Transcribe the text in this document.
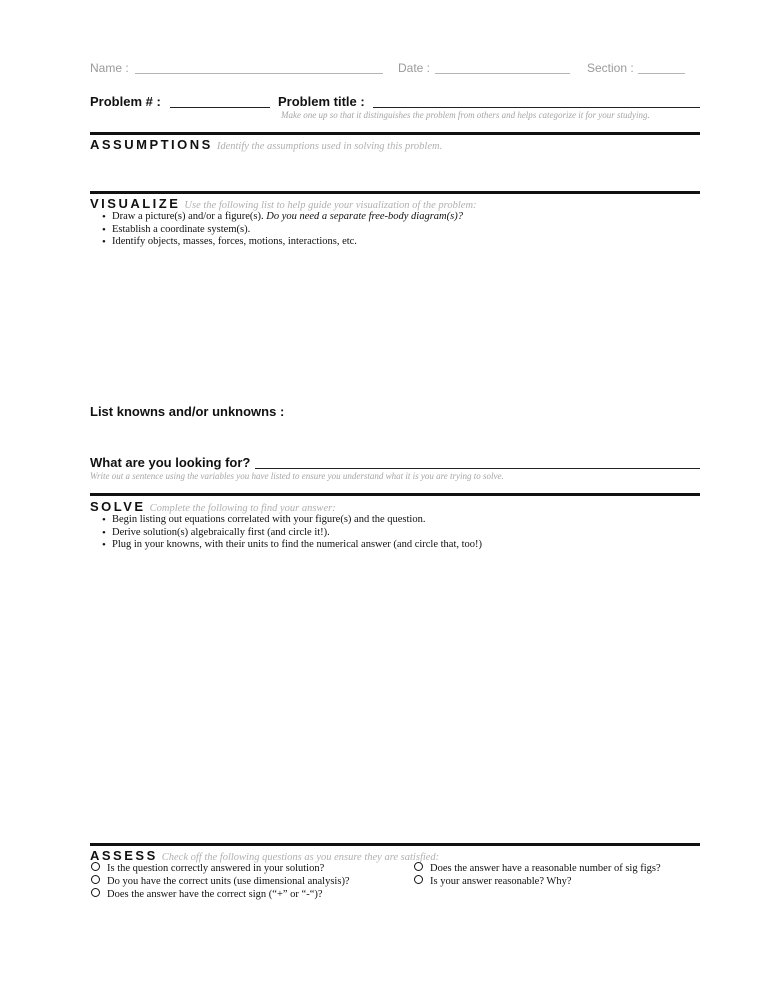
Name :	Date :	Section :
Problem # :	Problem title :
Make one up so that it distinguishes the problem from others and helps categorize it for your studying.
ASSUMPTIONS Identify the assumptions used in solving this problem.
VISUALIZE Use the following list to help guide your visualization of the problem:
• Draw a picture(s) and/or a figure(s). Do you need a separate free-body diagram(s)?
• Establish a coordinate system(s).
• Identify objects, masses, forces, motions, interactions, etc.
List knowns and/or unknowns :
What are you looking for?
Write out a sentence using the variables you have listed to ensure you understand what it is you are trying to solve.
SOLVE Complete the following to find your answer:
• Begin listing out equations correlated with your figure(s) and the question.
• Derive solution(s) algebraically first (and circle it!).
• Plug in your knowns, with their units to find the numerical answer (and circle that, too!)
ASSESS Check off the following questions as you ensure they are satisfied:
Is the question correctly answered in your solution?
Do you have the correct units (use dimensional analysis)?
Does the answer have the correct sign (“+” or “-“)?
Does the answer have a reasonable number of sig figs?
Is your answer reasonable? Why?
